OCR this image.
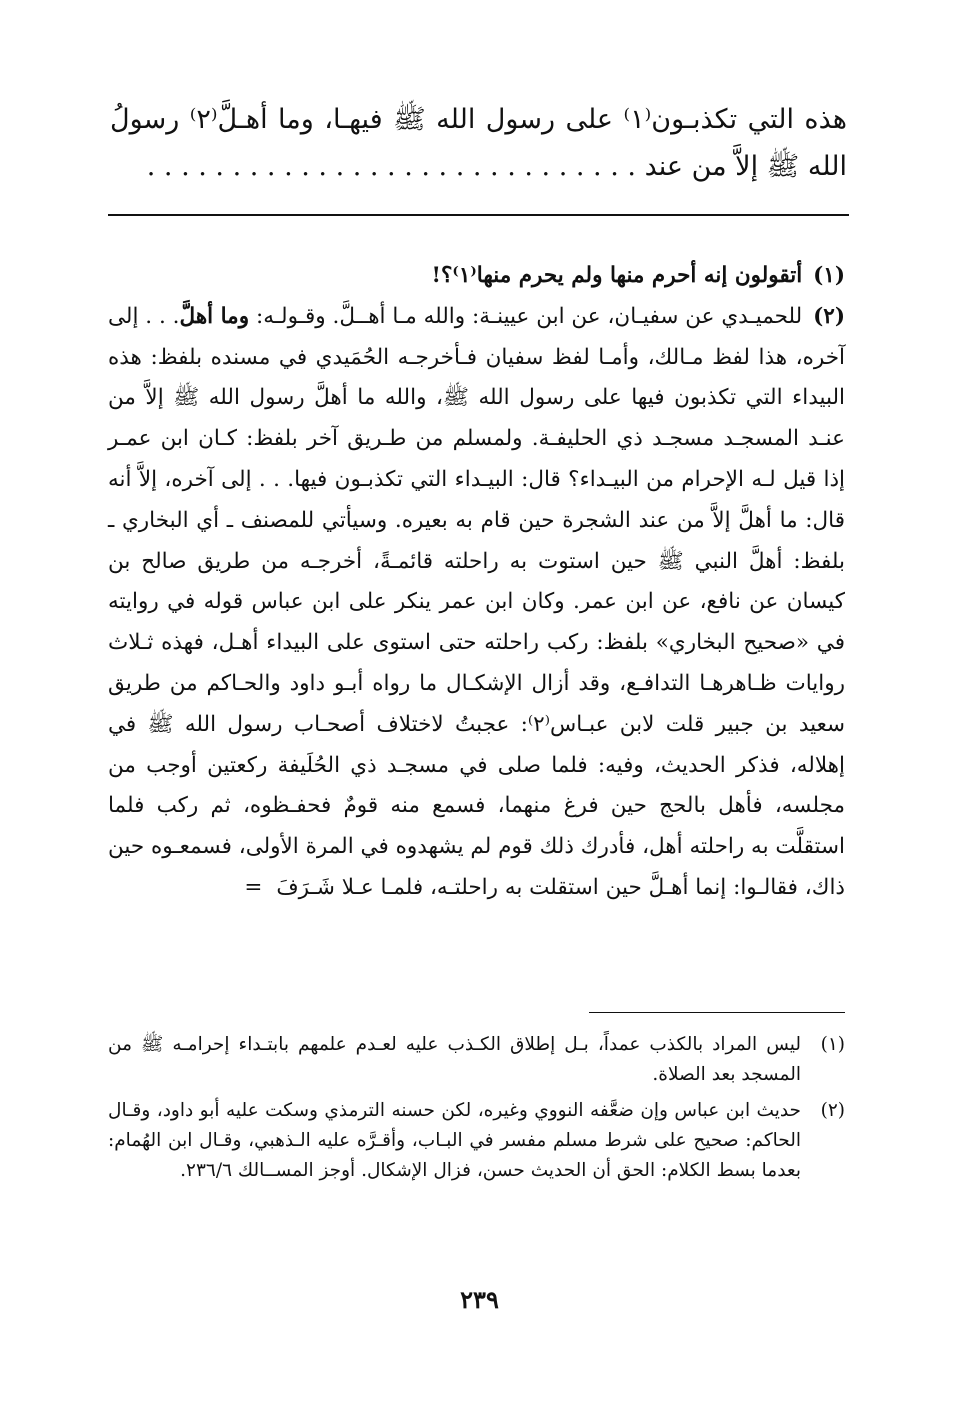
هذه التي تكذبـون⁽١⁾ على رسول الله ﷺ فيهـا، وما أهـلَّ⁽٢⁾ رسولُ الله ﷺ إلاَّ من عند . . . . . . . . . . . . . . . . . . . . . . . . . . . . .

(١) أتقولون إنه أحرم منها ولم يحرم منها⁽١⁾؟!

(٢) للحميـدي عن سفيـان، عن ابن عيينـة: والله مـا أهــلَّ. وقـولـه: وما أهلَّ. . . إلى آخره، هذا لفظ مـالك، وأمـا لفظ سفيان فـأخرجـه الحُمَيدي في مسنده بلفظ: هذه البيداء التي تكذبون فيها على رسول الله ﷺ، والله ما أهلَّ رسول الله ﷺ إلاَّ من عنـد المسجـد مسجـد ذي الحليفـة. ولمسلم من طـريق آخر بلفظ: كـان ابن عمـر إذا قيل لـه الإحرام من البيـداء؟ قال: البيـداء التي تكذبـون فيها. . . إلى آخره، إلاَّ أنه قال: ما أهلَّ إلاَّ من عند الشجرة حين قام به بعيره. وسيأتي للمصنف ـ أي البخاري ـ بلفظ: أهلَّ النبي ﷺ حين استوت به راحلته قائمـةً، أخرجـه من طريق صالح بن كيسان عن نافع، عن ابن عمر. وكان ابن عمر ينكر على ابن عباس قوله في روايته في «صحيح البخاري» بلفظ: ركب راحلته حتى استوى على البيداء أهـل، فهذه ثـلاث روايات ظـاهرهـا التدافـع، وقد أزال الإشكـال ما رواه أبـو داود والحـاكم من طريق سعيد بن جبير قلت لابن عبـاس⁽٢⁾: عجبتُ لاختلاف أصحـاب رسول الله ﷺ في إهلاله، فذكر الحديث، وفيه: فلما صلى في مسجـد ذي الحُلَيفة ركعتين أوجب من مجلسه، فأهل بالحج حين فرغ منهما، فسمع منه قومٌ فحفـظوه، ثم ركب فلما استقلَّت به راحلته أهل، فأدرك ذلك قوم لم يشهدوه في المرة الأولى، فسمعـوه حين ذاك، فقالـوا: إنما أهـلَّ حين استقلت به راحلتـه، فلمـا عـلا شَـرَفَ=

(١)
ليس المراد بالكذب عمداً، بـل إطلاق الكـذب عليه لعـدم علمهم بابتـداء إحرامـه ﷺ من المسجد بعد الصلاة.
(٢)
حديث ابن عباس وإن ضعَّفه النووي وغيره، لكن حسنه الترمذي وسكت عليه أبو داود، وقـال الحاكم: صحيح على شرط مسلم مفسر في البـاب، وأقـرَّه عليه الـذهبي، وقـال ابن الهُمام: بعدما بسط الكلام: الحق أن الحديث حسن، فزال الإشكال. أوجز المســالك ٢٣٦/٦.
٢٣٩
